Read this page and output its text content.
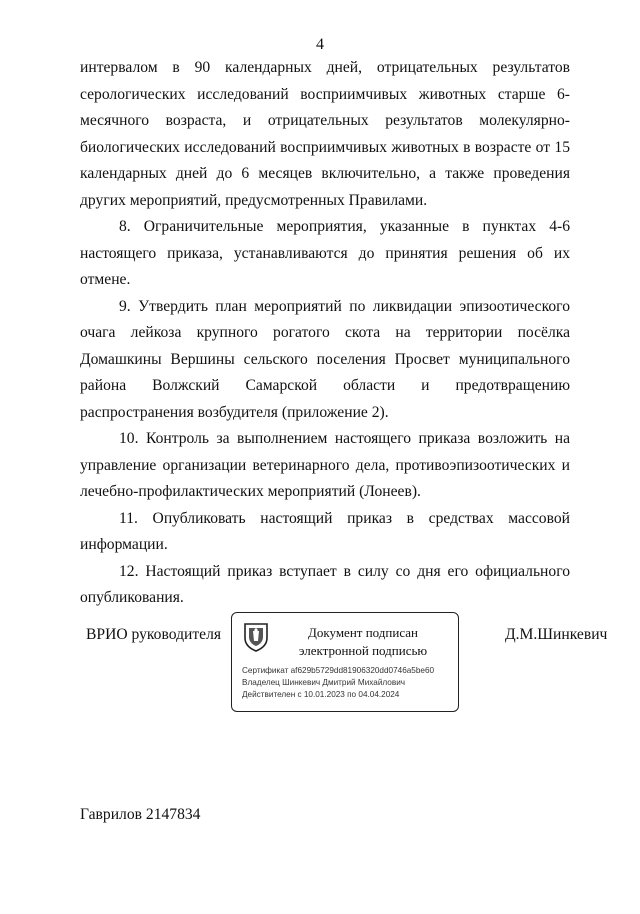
4

интервалом в 90 календарных дней, отрицательных результатов серологических исследований восприимчивых животных старше 6-месячного возраста, и отрицательных результатов молекулярно-биологических исследований восприимчивых животных в возрасте от 15 календарных дней до 6 месяцев включительно, а также проведения других мероприятий, предусмотренных Правилами.

8. Ограничительные мероприятия, указанные в пунктах 4-6 настоящего приказа, устанавливаются до принятия решения об их отмене.

9. Утвердить план мероприятий по ликвидации эпизоотического очага лейкоза крупного рогатого скота на территории посёлка Домашкины Вершины сельского поселения Просвет муниципального района Волжский Самарской области и предотвращению распространения возбудителя (приложение 2).

10. Контроль за выполнением настоящего приказа возложить на управление организации ветеринарного дела, противоэпизоотических и лечебно-профилактических мероприятий (Лонеев).

11. Опубликовать настоящий приказ в средствах массовой информации.

12. Настоящий приказ вступает в силу со дня его официального опубликования.

ВРИО руководителя	Документ подписан
электронной подписью
Сертификат af629b5729dd81906320dd0746a5be60
Владелец Шинкевич Дмитрий Михайлович
Действителен с 10.01.2023 по 04.04.2024
Д.М.Шинкевич
Гаврилов 2147834
